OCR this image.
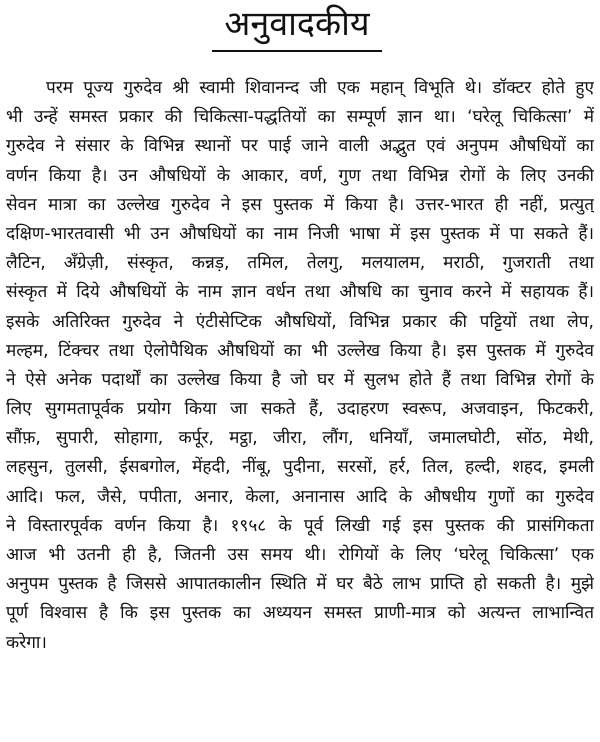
अनुवादकीय
परम पूज्य गुरुदेव श्री स्वामी शिवानन्द जी एक महान् विभूति थे। डॉक्टर होते हुए
भी उन्हें समस्त प्रकार की चिकित्सा-पद्धतियों का सम्पूर्ण ज्ञान था। ‘घरेलू चिकित्सा’ में
गुरुदेव ने संसार के विभिन्न स्थानों पर पाई जाने वाली अद्भुत एवं अनुपम औषधियों का
वर्णन किया है। उन औषधियों के आकार, वर्ण, गुण तथा विभिन्न रोगों के लिए उनकी
सेवन मात्रा का उल्लेख गुरुदेव ने इस पुस्तक में किया है। उत्तर-भारत ही नहीं, प्रत्युत्
दक्षिण-भारतवासी भी उन औषधियों का नाम निजी भाषा में इस पुस्तक में पा सकते हैं।
लैटिन, अँग्रेज़ी, संस्कृत, कन्नड़, तमिल, तेलगु, मलयालम, मराठी, गुजराती तथा
संस्कृत में दिये औषधियों के नाम ज्ञान वर्धन तथा औषधि का चुनाव करने में सहायक हैं।
इसके अतिरिक्त गुरुदेव ने एंटीसेप्टिक औषधियों, विभिन्न प्रकार की पट्टियों तथा लेप,
मल्हम, टिंक्चर तथा ऐलोपैथिक औषधियों का भी उल्लेख किया है। इस पुस्तक में गुरुदेव
ने ऐसे अनेक पदार्थों का उल्लेख किया है जो घर में सुलभ होते हैं तथा विभिन्न रोगों के
लिए सुगमतापूर्वक प्रयोग किया जा सकते हैं, उदाहरण स्वरूप, अजवाइन, फिटकरी,
सौंफ़, सुपारी, सोहागा, कर्पूर, मट्ठा, जीरा, लौंग, धनियाँ, जमालघोटी, सोंठ, मेथी,
लहसुन, तुलसी, ईसबगोल, मेंहदी, नींबू, पुदीना, सरसों, हर्र, तिल, हल्दी, शहद, इमली
आदि। फल, जैसे, पपीता, अनार, केला, अनानास आदि के औषधीय गुणों का गुरुदेव
ने विस्तारपूर्वक वर्णन किया है। १९५८ के पूर्व लिखी गई इस पुस्तक की प्रासंगिकता
आज भी उतनी ही है, जितनी उस समय थी। रोगियों के लिए ‘घरेलू चिकित्सा’ एक
अनुपम पुस्तक है जिससे आपातकालीन स्थिति में घर बैठे लाभ प्राप्ति हो सकती है। मुझे
पूर्ण विश्वास है कि इस पुस्तक का अध्ययन समस्त प्राणी-मात्र को अत्यन्त लाभान्वित
करेगा।
